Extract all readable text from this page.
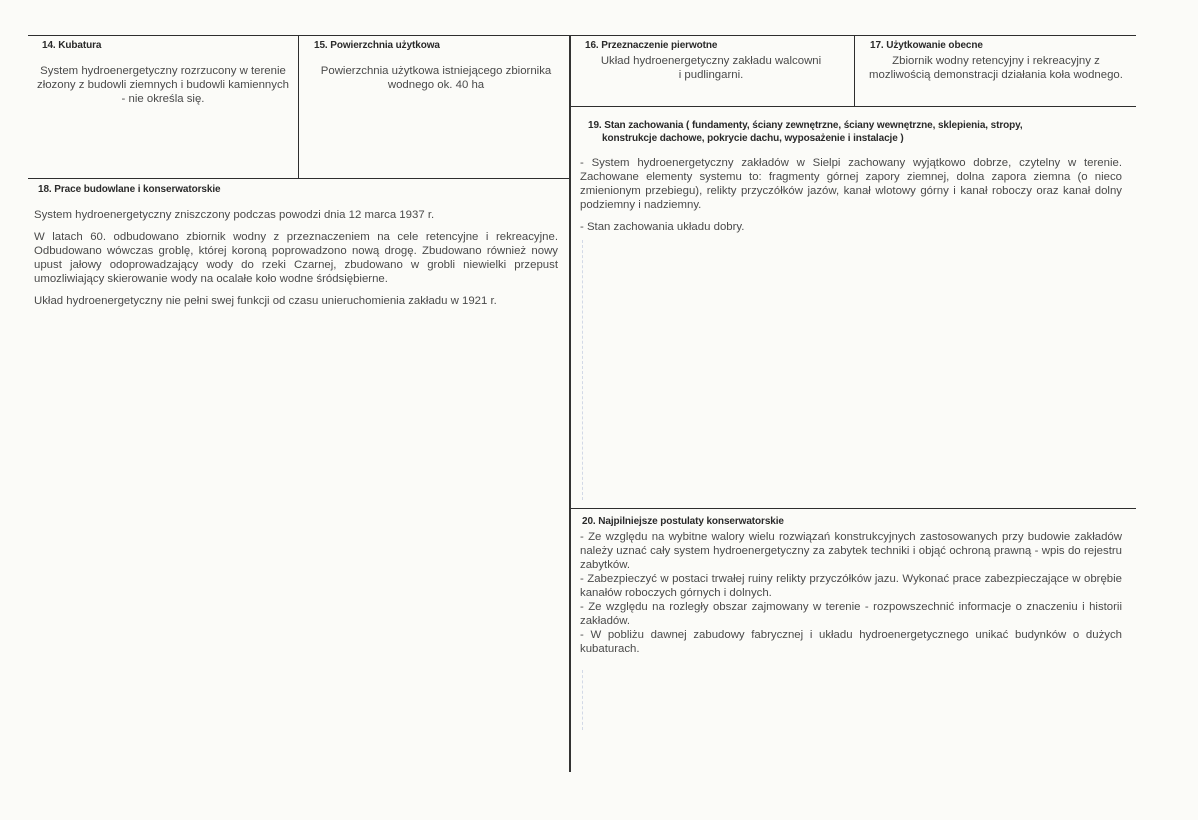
14. Kubatura
System hydroenergetyczny rozrzucony w terenie złozony z budowli ziemnych i budowli kamiennych - nie określa się.
15. Powierzchnia użytkowa
Powierzchnia użytkowa istniejącego zbiornika wodnego ok. 40 ha
16. Przeznaczenie pierwotne
Układ hydroenergetyczny zakładu walcowni i pudlingarni.
17. Użytkowanie obecne
Zbiornik wodny retencyjny i rekreacyjny z mozliwością demonstracji działania koła wodnego.
18. Prace budowlane i konserwatorskie

System hydroenergetyczny zniszczony podczas powodzi dnia 12 marca 1937 r.

W latach 60. odbudowano zbiornik wodny z przeznaczeniem na cele retencyjne i rekreacyjne. Odbudowano wówczas groblę, której koroną poprowadzono nową drogę. Zbudowano również nowy upust jałowy odoprowadzający wody do rzeki Czarnej, zbudowano w grobli niewielki przepust umozliwiający skierowanie wody na ocalałe koło wodne śródsiębierne.

Układ hydroenergetyczny nie pełni swej funkcji od czasu unieruchomienia zakładu w 1921 r.

19. Stan zachowania ( fundamenty, ściany zewnętrzne, ściany wewnętrzne, sklepienia, stropy,
konstrukcje dachowe, pokrycie dachu, wyposażenie i instalacje )

- System hydroenergetyczny zakładów w Sielpi zachowany wyjątkowo dobrze, czytelny w terenie. Zachowane elementy systemu to: fragmenty górnej zapory ziemnej, dolna zapora ziemna (o nieco zmienionym przebiegu), relikty przyczółków jazów, kanał wlotowy górny i kanał roboczy oraz kanał dolny podziemny i nadziemny.

- Stan zachowania układu dobry.

20. Najpilniejsze postulaty konserwatorskie
- Ze względu na wybitne walory wielu rozwiązań konstrukcyjnych zastosowanych przy budowie zakładów należy uznać cały system hydroenergetyczny za zabytek techniki i objąć ochroną prawną - wpis do rejestru zabytków.
- Zabezpieczyć w postaci trwałej ruiny relikty przyczółków jazu. Wykonać prace zabezpieczające w obrębie kanałów roboczych górnych i dolnych.
- Ze względu na rozległy obszar zajmowany w terenie - rozpowszechnić informacje o znaczeniu i historii zakładów.
- W pobliżu dawnej zabudowy fabrycznej i układu hydroenergetycznego unikać budynków o dużych kubaturach.
